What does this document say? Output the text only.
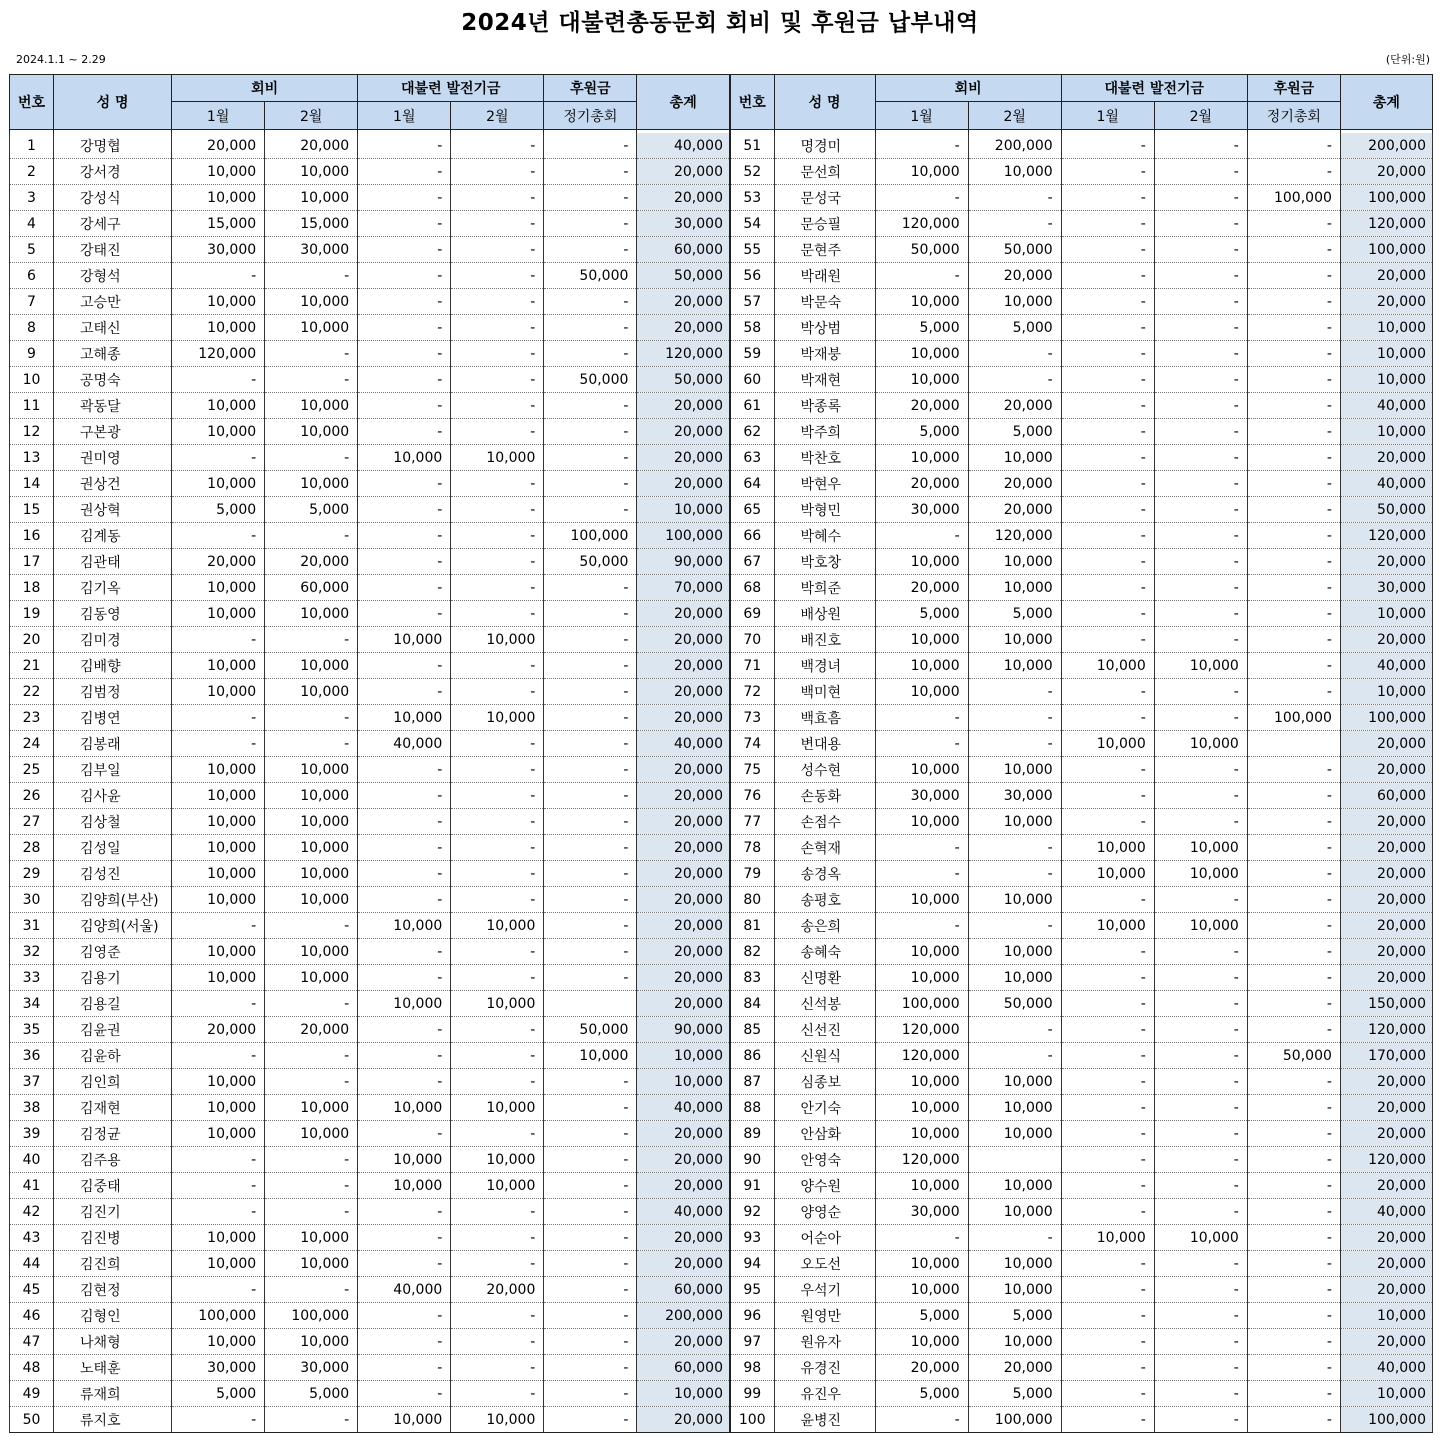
2024년 대불련총동문회 회비 및 후원금 납부내역
2024.1.1 ~ 2.29	(단위:원)
번호	성 명	회비		대불련 발전기금		후원금	총계	번호	성 명	회비		대불련 발전기금		후원금	총계
		1월	2월	1월	2월	정기총회				1월	2월	1월	2월	정기총회	

1	강명협	20,000	20,000	-	-	-	40,000	51	명경미	-	200,000	-	-	-	200,000
2	강서경	10,000	10,000	-	-	-	20,000	52	문선희	10,000	10,000	-	-	-	20,000
3	강성식	10,000	10,000	-	-	-	20,000	53	문성국	-	-	-	-	100,000	100,000
4	강세구	15,000	15,000	-	-	-	30,000	54	문승필	120,000	-	-	-	-	120,000
5	강태진	30,000	30,000	-	-	-	60,000	55	문현주	50,000	50,000	-	-	-	100,000
6	강형석	-	-	-	-	50,000	50,000	56	박래원	-	20,000	-	-	-	20,000
7	고승만	10,000	10,000	-	-	-	20,000	57	박문숙	10,000	10,000	-	-	-	20,000
8	고태신	10,000	10,000	-	-	-	20,000	58	박상범	5,000	5,000	-	-	-	10,000
9	고해종	120,000	-	-	-	-	120,000	59	박재붕	10,000	-	-	-	-	10,000
10	공명숙	-	-	-	-	50,000	50,000	60	박재현	10,000	-	-	-	-	10,000
11	곽동달	10,000	10,000	-	-	-	20,000	61	박종록	20,000	20,000	-	-	-	40,000
12	구본광	10,000	10,000	-	-	-	20,000	62	박주희	5,000	5,000	-	-	-	10,000
13	권미영	-	-	10,000	10,000	-	20,000	63	박찬호	10,000	10,000	-	-	-	20,000
14	권상건	10,000	10,000	-	-	-	20,000	64	박현우	20,000	20,000	-	-	-	40,000
15	권상혁	5,000	5,000	-	-	-	10,000	65	박형민	30,000	20,000	-	-	-	50,000
16	김계동	-	-	-	-	100,000	100,000	66	박혜수	-	120,000	-	-	-	120,000
17	김관태	20,000	20,000	-	-	50,000	90,000	67	박호창	10,000	10,000	-	-	-	20,000
18	김기옥	10,000	60,000	-	-	-	70,000	68	박희준	20,000	10,000	-	-	-	30,000
19	김동영	10,000	10,000	-	-	-	20,000	69	배상원	5,000	5,000	-	-	-	10,000
20	김미경	-	-	10,000	10,000	-	20,000	70	배진호	10,000	10,000	-	-	-	20,000
21	김배향	10,000	10,000	-	-	-	20,000	71	백경녀	10,000	10,000	10,000	10,000	-	40,000
22	김범정	10,000	10,000	-	-	-	20,000	72	백미현	10,000	-	-	-	-	10,000
23	김병연	-	-	10,000	10,000	-	20,000	73	백효흠	-	-	-	-	100,000	100,000
24	김봉래	-	-	40,000	-	-	40,000	74	변대용	-	-	10,000	10,000		20,000
25	김부일	10,000	10,000	-	-	-	20,000	75	성수현	10,000	10,000	-	-	-	20,000
26	김사윤	10,000	10,000	-	-	-	20,000	76	손동화	30,000	30,000	-	-	-	60,000
27	김상철	10,000	10,000	-	-	-	20,000	77	손점수	10,000	10,000	-	-	-	20,000
28	김성일	10,000	10,000	-	-	-	20,000	78	손혁재	-	-	10,000	10,000	-	20,000
29	김성진	10,000	10,000	-	-	-	20,000	79	송경옥	-	-	10,000	10,000	-	20,000
30	김양희(부산)	10,000	10,000	-	-	-	20,000	80	송평호	10,000	10,000	-	-	-	20,000
31	김양희(서울)	-	-	10,000	10,000	-	20,000	81	송은희	-	-	10,000	10,000	-	20,000
32	김영준	10,000	10,000	-	-	-	20,000	82	송혜숙	10,000	10,000	-	-	-	20,000
33	김용기	10,000	10,000	-	-	-	20,000	83	신명환	10,000	10,000	-	-	-	20,000
34	김용길	-	-	10,000	10,000		20,000	84	신석봉	100,000	50,000	-	-	-	150,000
35	김윤권	20,000	20,000	-	-	50,000	90,000	85	신선진	120,000	-	-	-	-	120,000
36	김윤하	-	-	-	-	10,000	10,000	86	신원식	120,000	-	-	-	50,000	170,000
37	김인희	10,000	-	-	-	-	10,000	87	심종보	10,000	10,000	-	-	-	20,000
38	김재현	10,000	10,000	10,000	10,000	-	40,000	88	안기숙	10,000	10,000	-	-	-	20,000
39	김정균	10,000	10,000	-	-	-	20,000	89	안삼화	10,000	10,000	-	-	-	20,000
40	김주용	-	-	10,000	10,000	-	20,000	90	안영숙	120,000		-	-	-	120,000
41	김중태	-	-	10,000	10,000	-	20,000	91	양수원	10,000	10,000	-	-	-	20,000
42	김진기	-	-	-	-	-	40,000	92	양영순	30,000	10,000	-	-	-	40,000
43	김진병	10,000	10,000	-	-	-	20,000	93	어순아	-	-	10,000	10,000	-	20,000
44	김진희	10,000	10,000	-	-	-	20,000	94	오도선	10,000	10,000	-	-	-	20,000
45	김현정	-	-	40,000	20,000	-	60,000	95	우석기	10,000	10,000	-	-	-	20,000
46	김형인	100,000	100,000	-	-	-	200,000	96	원영만	5,000	5,000	-	-	-	10,000
47	나채형	10,000	10,000	-	-	-	20,000	97	원유자	10,000	10,000	-	-	-	20,000
48	노태훈	30,000	30,000	-	-	-	60,000	98	유경진	20,000	20,000	-	-	-	40,000
49	류재희	5,000	5,000	-	-	-	10,000	99	유진우	5,000	5,000	-	-	-	10,000
50	류지호	-	-	10,000	10,000	-	20,000	100	윤병진	-	100,000	-	-	-	100,000
